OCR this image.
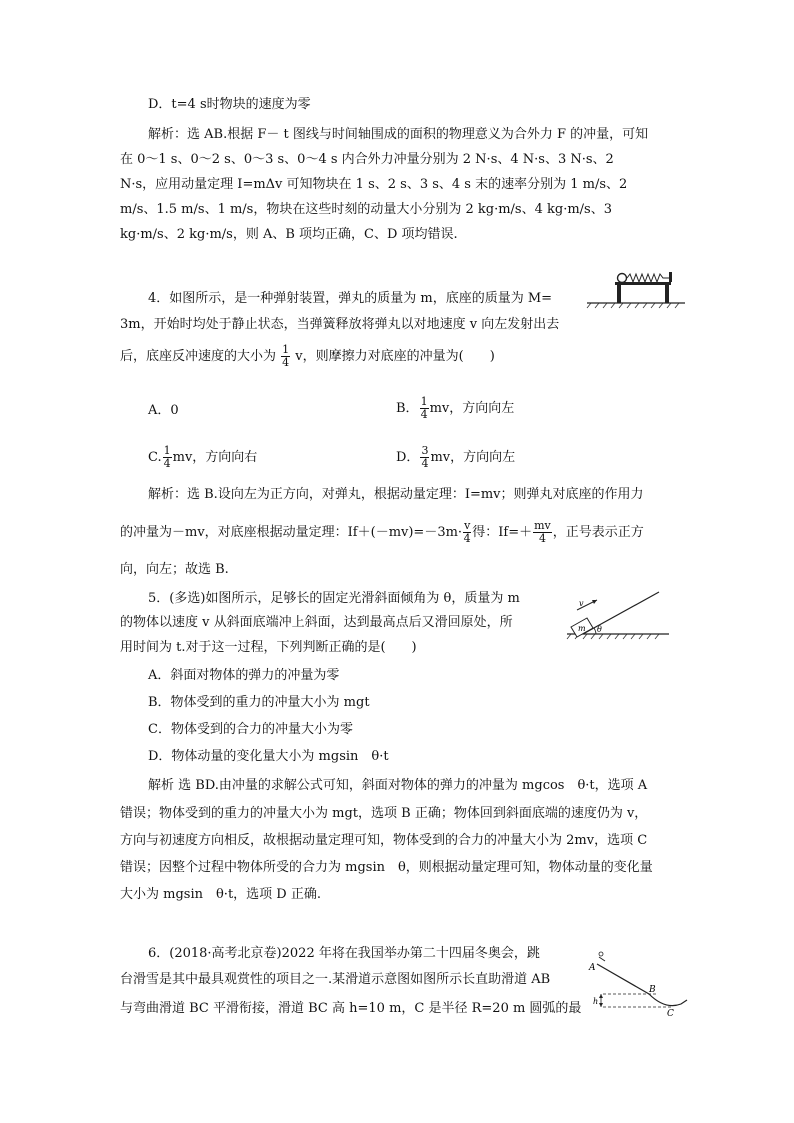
D．t=4 s时物块的速度为零
解析：选 AB.根据 F－ t 图线与时间轴围成的面积的物理意义为合外力 F 的冲量，可知
在 0～1 s、0～2 s、0～3 s、0～4 s 内合外力冲量分别为 2 N·s、4 N·s、3 N·s、2
N·s，应用动量定理 I=mΔv 可知物块在 1 s、2 s、3 s、4 s 末的速率分别为 1 m/s、2
m/s、1.5 m/s、1 m/s，物块在这些时刻的动量大小分别为 2 kg·m/s、4 kg·m/s、3
kg·m/s、2 kg·m/s，则 A、B 项均正确，C、D 项均错误.
4．如图所示，是一种弹射装置，弹丸的质量为 m，底座的质量为 M=
3m，开始时均处于静止状态，当弹簧释放将弹丸以对地速度 v 向左发射出去
后，底座反冲速度的大小为 $\frac{1}{4}$ v，则摩擦力对底座的冲量为(　　)
A．0	B． $\frac{1}{4}$ mv，方向向左
C. $\frac{1}{4}$ mv，方向向右	D． $\frac{3}{4}$ mv，方向向左
解析：选 B.设向左为正方向，对弹丸，根据动量定理：I=mv；则弹丸对底座的作用力
的冲量为－mv，对底座根据动量定理：$If+(-mv)=-3m\cdot \frac{v}{4}$ 得：$If=+ \frac{mv}{4}$ ，正号表示正方
向，向左；故选 B.
5．(多选)如图所示，足够长的固定光滑斜面倾角为 θ，质量为 m
的物体以速度 v 从斜面底端冲上斜面，达到最高点后又滑回原处，所
用时间为 t.对于这一过程，下列判断正确的是(　　)
A．斜面对物体的弹力的冲量为零
B．物体受到的重力的冲量大小为 mgt
C．物体受到的合力的冲量大小为零
D．物体动量的变化量大小为 mgsin　θ·t
解析 选 BD.由冲量的求解公式可知，斜面对物体的弹力的冲量为 mgcos　θ·t，选项 A
错误；物体受到的重力的冲量大小为 mgt，选项 B 正确；物体回到斜面底端的速度仍为 v，
方向与初速度方向相反，故根据动量定理可知，物体受到的合力的冲量大小为 2mv，选项 C
错误；因整个过程中物体所受的合力为 mgsin　θ，则根据动量定理可知，物体动量的变化量
大小为 mgsin　θ·t，选项 D 正确.
v
m θ
6．(2018·高考北京卷)2022 年将在我国举办第二十四届冬奥会，跳
台滑雪是其中最具观赏性的项目之一.某滑道示意图如图所示长直助滑道 AB
与弯曲滑道 BC 平滑衔接，滑道 BC 高 h=10 m，C 是半径 R=20 m 圆弧的最
A
B
C
h
